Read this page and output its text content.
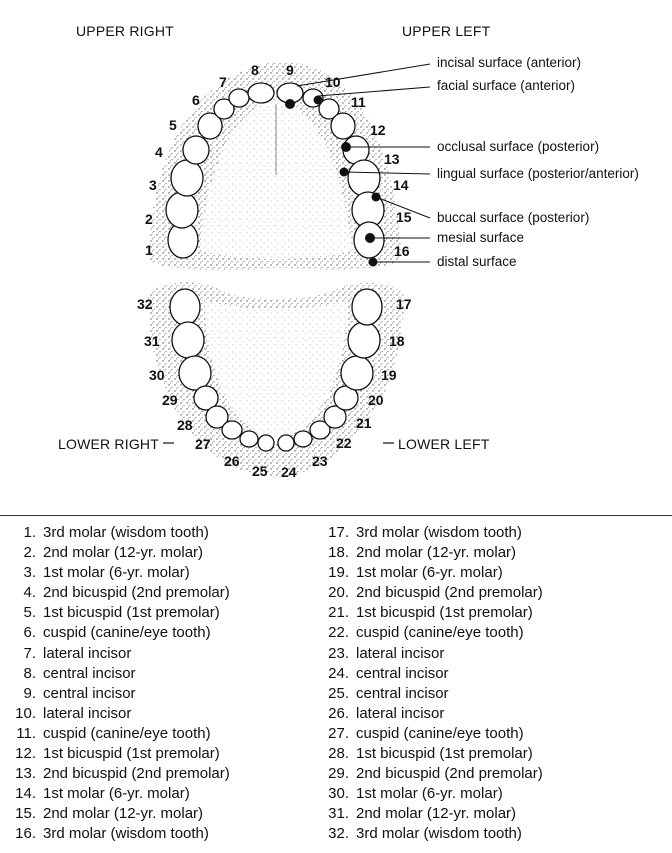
UPPER RIGHT	UPPER LEFT
LOWER RIGHT	LOWER LEFT
1
2
3
4
5
6
7
8 9
10
11
12
13
14
15
16
17
18
19
20
21
22
23
24
25
26
27
28
29
30
31
32
incisal surface (anterior)
facial surface (anterior)
occlusal surface (posterior)
lingual surface (posterior/anterior)
buccal surface (posterior)
mesial surface
distal surface
1. 3rd molar (wisdom tooth)
2. 2nd molar (12-yr. molar)
3. 1st molar (6-yr. molar)
4. 2nd bicuspid (2nd premolar)
5. 1st bicuspid (1st premolar)
6. cuspid (canine/eye tooth)
7. lateral incisor
8. central incisor
9. central incisor
10. lateral incisor
11. cuspid (canine/eye tooth)
12. 1st bicuspid (1st premolar)
13. 2nd bicuspid (2nd premolar)
14. 1st molar (6-yr. molar)
15. 2nd molar (12-yr. molar)
16. 3rd molar (wisdom tooth)
17. 3rd molar (wisdom tooth)
18. 2nd molar (12-yr. molar)
19. 1st molar (6-yr. molar)
20. 2nd bicuspid (2nd premolar)
21. 1st bicuspid (1st premolar)
22. cuspid (canine/eye tooth)
23. lateral incisor
24. central incisor
25. central incisor
26. lateral incisor
27. cuspid (canine/eye tooth)
28. 1st bicuspid (1st premolar)
29. 2nd bicuspid (2nd premolar)
30. 1st molar (6-yr. molar)
31. 2nd molar (12-yr. molar)
32. 3rd molar (wisdom tooth)
